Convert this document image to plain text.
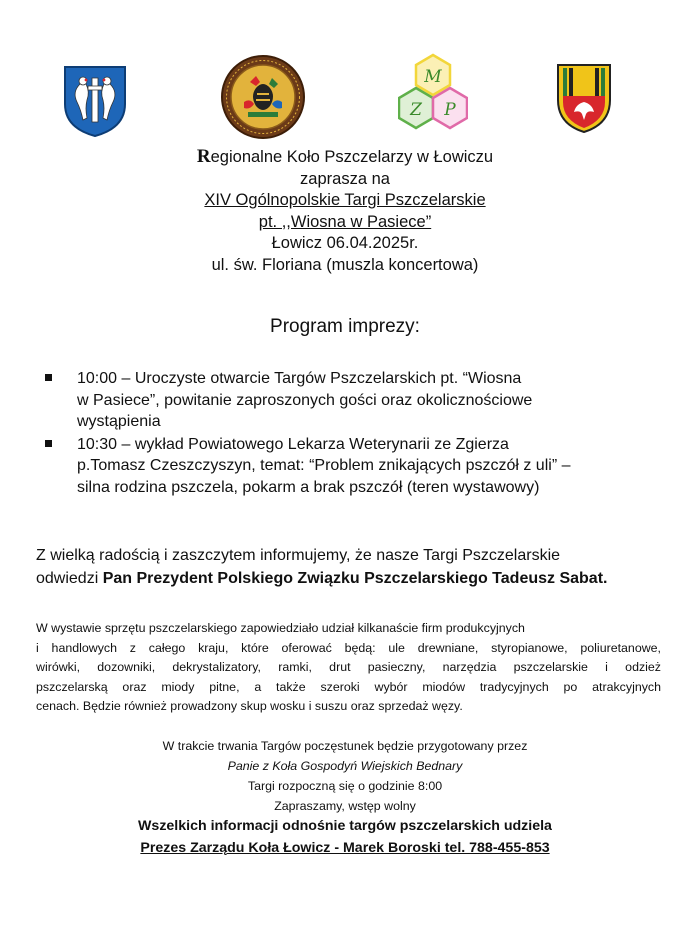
M
Z P
Regionalne Koło Pszczelarzy w Łowiczu
zaprasza na
XIV Ogólnopolskie Targi Pszczelarskie
pt. ,,Wiosna w Pasiece”
Łowicz 06.04.2025r.
ul. św. Floriana (muszla koncertowa)
Program imprezy:
10:00 – Uroczyste otwarcie Targów Pszczelarskich pt. “Wiosna
w Pasiece”, powitanie zaproszonych gości oraz okolicznościowe
wystąpienia
10:30 – wykład Powiatowego Lekarza Weterynarii ze Zgierza
p.Tomasz Czeszczyszyn, temat: “Problem znikających pszczół z uli” –
silna rodzina pszczela, pokarm a brak pszczół (teren wystawowy)
Z wielką radością i zaszczytem informujemy, że nasze Targi Pszczelarskie
odwiedzi Pan Prezydent Polskiego Związku Pszczelarskiego Tadeusz Sabat.
W wystawie sprzętu pszczelarskiego zapowiedziało udział kilkanaście firm produkcyjnych
i handlowych z całego kraju, które oferować będą: ule drewniane, styropianowe, poliuretanowe,
wirówki, dozowniki, dekrystalizatory, ramki, drut pasieczny, narzędzia pszczelarskie i odzież
pszczelarską oraz miody pitne, a także szeroki wybór miodów tradycyjnych po atrakcyjnych
cenach. Będzie również prowadzony skup wosku i suszu oraz sprzedaż węzy.
W trakcie trwania Targów poczęstunek będzie przygotowany przez
Panie z Koła Gospodyń Wiejskich Bednary
Targi rozpoczną się o godzinie 8:00
Zapraszamy, wstęp wolny
Wszelkich informacji odnośnie targów pszczelarskich udziela
Prezes Zarządu Koła Łowicz - Marek Boroski tel. 788-455-853
